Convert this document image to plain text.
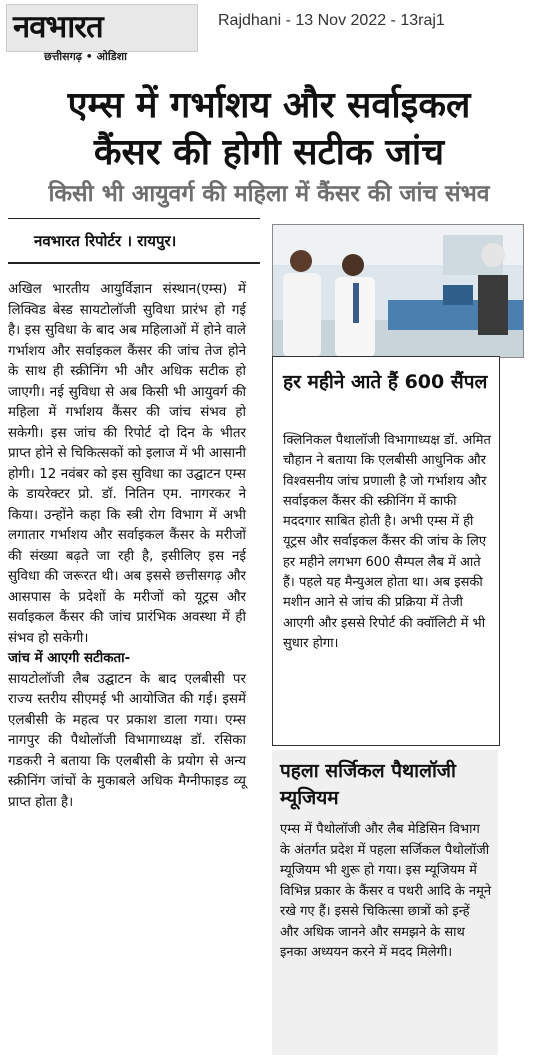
नवभारत
छत्तीसगढ़ • ओडिशा
Rajdhani - 13 Nov 2022 - 13raj1
एम्स में गर्भाशय और सर्वाइकल
कैंसर की होगी सटीक जांच
किसी भी आयुवर्ग की महिला में कैंसर की जांच संभव
नवभारत रिपोर्टर । रायपुर।

अखिल भारतीय आयुर्विज्ञान संस्थान(एम्स) में लिक्विड बेस्ड सायटोलॉजी सुविधा प्रारंभ हो गई है। इस सुविधा के बाद अब महिलाओं में होने वाले गर्भाशय और सर्वाइकल कैंसर की जांच तेज होने के साथ ही स्क्रीनिंग भी और अधिक सटीक हो जाएगी। नई सुविधा से अब किसी भी आयुवर्ग की महिला में गर्भाशय कैंसर की जांच संभव हो सकेगी। इस जांच की रिपोर्ट दो दिन के भीतर प्राप्त होने से चिकित्सकों को इलाज में भी आसानी होगी। 12 नवंबर को इस सुविधा का उद्घाटन एम्स के डायरेक्टर प्रो. डॉ. नितिन एम. नागरकर ने किया। उन्होंने कहा कि स्त्री रोग विभाग में अभी लगातार गर्भाशय और सर्वाइकल कैंसर के मरीजों की संख्या बढ़ते जा रही है, इसीलिए इस नई सुविधा की जरूरत थी। अब इससे छत्तीसगढ़ और आसपास के प्रदेशों के मरीजों को यूट्रस और सर्वाइकल कैंसर की जांच प्रारंभिक अवस्था में ही संभव हो सकेगी।

जांच में आएगी सटीकता-

सायटोलॉजी लैब उद्घाटन के बाद एलबीसी पर राज्य स्तरीय सीएमई भी आयोजित की गई। इसमें एलबीसी के महत्व पर प्रकाश डाला गया। एम्स नागपुर की पैथोलॉजी विभागाध्यक्ष डॉ. रसिका गडकरी ने बताया कि एलबीसी के प्रयोग से अन्य स्क्रीनिंग जांचों के मुकाबले अधिक मैग्नीफाइड व्यू प्राप्त होता है।

हर महीने आते हैं 600 सैंपल
क्लिनिकल पैथालॉजी विभागाध्यक्ष डॉ. अमित चौहान ने बताया कि एलबीसी आधुनिक और विश्वसनीय जांच प्रणाली है जो गर्भाशय और सर्वाइकल कैंसर की स्क्रीनिंग में काफी मददगार साबित होती है। अभी एम्स में ही यूट्रस और सर्वाइकल कैंसर की जांच के लिए हर महीने लगभग 600 सैम्पल लैब में आते हैं। पहले यह मैन्युअल होता था। अब इसकी मशीन आने से जांच की प्रक्रिया में तेजी आएगी और इससे रिपोर्ट की क्वॉलिटी में भी सुधार होगा।
पहला सर्जिकल पैथालॉजी म्यूजियम
एम्स में पैथोलॉजी और लैब मेडिसिन विभाग के अंतर्गत प्रदेश में पहला सर्जिकल पैथोलॉजी म्यूजियम भी शुरू हो गया। इस म्यूजियम में विभिन्न प्रकार के कैंसर व पथरी आदि के नमूने रखे गए हैं। इससे चिकित्सा छात्रों को इन्हें और अधिक जानने और समझने के साथ इनका अध्ययन करने में मदद मिलेगी।
